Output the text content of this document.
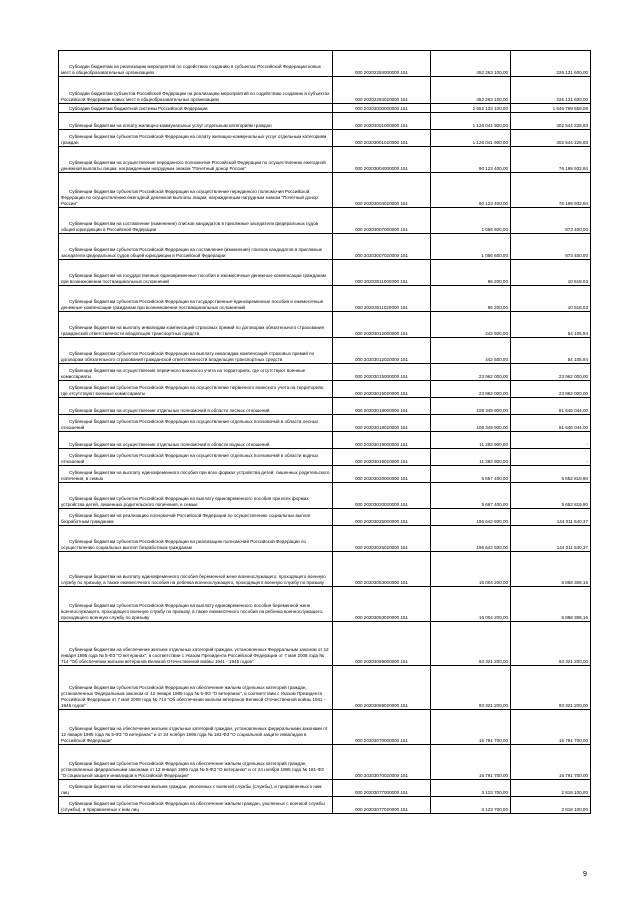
Субсидии бюджетам на реализацию мероприятий по содействию созданию в субъектах Российской Федерации новых мест в общеобразовательных организациях	000 20202284000000 151	452 263 100,00	226 131 600,00
Субсидии бюджетам субъектов Российской Федерации на реализацию мероприятий по содействию созданию в субъектах Российской Федерации новых мест в общеобразовательных организациях	000 20202284020000 151	452 263 100,00	226 131 600,00
Субсидии бюджетам бюджетной системы Российской Федерации	000 20203000000000 151	2 652 133 100,00	1 646 769 559,08
Субвенции бюджетам на оплату жилищно-коммунальных услуг отдельным категориям граждан	000 20203001000000 151	1 126 041 900,00	402 544 228,83
Субвенции бюджетам субъектов Российской Федерации на оплату жилищно-коммунальных услуг отдельным категориям граждан	000 20203001020000 151	1 126 041 900,00	402 544 228,83
Субвенции бюджетам на осуществление переданного полномочия Российской Федерации по осуществлению ежегодной денежной выплаты лицам, награжденным нагрудным знаком "Почетный донор России"	000 20203004000000 151	90 123 400,00	76 199 932,84
Субвенции бюджетам субъектов Российской Федерации на осуществление переданного полномочия Российской Федерации по осуществлению ежегодной денежной выплаты лицам, награжденным нагрудным знаком "Почетный донор России"	000 20203004020000 151	90 123 400,00	76 199 932,84
Субвенции бюджетам на составление (изменение) списков кандидатов в присяжные заседатели федеральных судов общей юрисдикции в Российской Федерации	000 20203007000000 151	1 056 600,00	873 400,00
Субвенции бюджетам субъектов Российской Федерации на составление (изменение) списков кандидатов в присяжные заседатели федеральных судов общей юрисдикции в Российской Федерации	000 20203007020000 151	1 056 600,00	873 400,00
Субвенции бюджетам на государственные единовременные пособия и ежемесячные денежные компенсации гражданам при возникновении поствакцинальных осложнений	000 20203011000000 151	96 200,00	10 518,03
Субвенции бюджетам субъектов Российской Федерации на государственные единовременные пособия и ежемесячные денежные компенсации гражданам при возникновении поствакцинальных осложнений	000 20203011020000 151	96 200,00	10 518,03
Субвенции бюджетам на выплату инвалидам компенсаций страховых премий по договорам обязательного страхования гражданской ответственности владельцев транспортных средств	000 20203012000000 151	442 500,00	54 105,94
Субвенции бюджетам субъектов Российской Федерации на выплату инвалидам компенсаций страховых премий по договорам обязательного страхования гражданской ответственности владельцев транспортных средств	000 20203012020000 151	442 500,00	54 105,94
Субвенции бюджетам на осуществление первичного воинского учета на территориях, где отсутствуют военные комиссариаты	000 20203015000000 151	23 962 000,00	23 962 000,00
Субвенции бюджетам субъектов Российской Федерации на осуществление первичного воинского учета на территориях, где отсутствуют военные комиссариаты	000 20203015020000 151	23 962 000,00	23 962 000,00
Субвенции бюджетам на осуществление отдельных полномочий в области лесных отношений	000 20203018000000 151	108 349 900,00	81 646 044,00
Субвенции бюджетам субъектов Российской Федерации на осуществление отдельных полномочий в области лесных отношений	000 20203018020000 151	108 349 900,00	81 646 044,00
Субвенции бюджетам на осуществление отдельных полномочий в области водных отношений	000 20203019000000 151	11 292 900,00	-
Субвенции бюджетам субъектов Российской Федерации на осуществление отдельных полномочий в области водных отношений	000 20203019020000 151	11 292 900,00	-
Субвенции бюджетам на выплату единовременного пособия при всех формах устройства детей, лишенных родительского попечения, в семью	000 20203020000000 151	5 667 400,00	5 652 819,90
Субвенции бюджетам субъектов Российской Федерации на выплату единовременного пособия при всех формах устройства детей, лишенных родительского попечения, в семью	000 20203020020000 151	5 667 400,00	5 652 819,90
Субвенции бюджетам на реализацию полномочий Российской Федерации по осуществлению социальных выплат безработным гражданам	000 20203025000000 151	196 642 600,00	144 011 540,37
Субвенции бюджетам субъектов Российской Федерации на реализацию полномочий Российской Федерации по осуществлению социальных выплат безработным гражданам	000 20203025020000 151	196 642 600,00	144 011 540,37
Субвенции бюджетам на выплату единовременного пособия беременной жене военнослужащего, проходящего военную службу по призыву, а также ежемесячного пособия на ребенка военнослужащего, проходящего военную службу по призыву	000 20203053000000 151	15 004 200,00	6 858 308,16
Субвенции бюджетам субъектов Российской Федерации на выплату единовременного пособия беременной жене военнослужащего, проходящего военную службу по призыву, а также ежемесячного пособия на ребенка военнослужащего, проходящего военную службу по призыву	000 20203053020000 151	15 004 200,00	6 858 308,16
Субвенции бюджетам на обеспечение жильем отдельных категорий граждан, установленных Федеральным законом от 12 января 1995 года № 5-ФЗ "О ветеранах", в соответствии с Указом Президента Российской Федерации от 7 мая 2008 года № 714 "Об обеспечении жильем ветеранов Великой Отечественной войны 1941 - 1945 годов"	000 20203069000000 151	93 321 200,00	93 321 200,00
Субвенции бюджетам субъектов Российской Федерации на обеспечение жильем отдельных категорий граждан, установленных Федеральным законом от 12 января 1995 года № 5-ФЗ "О ветеранах", в соответствии с Указом Президента Российской Федерации от 7 мая 2008 года № 714 "Об обеспечении жильем ветеранов Великой Отечественной войны 1941 - 1945 годов"	000 20203069020000 151	93 321 200,00	93 321 200,00
Субвенции бюджетам на обеспечение жильем отдельных категорий граждан, установленных федеральными законами от 12 января 1995 года № 5-ФЗ "О ветеранах" и от 24 ноября 1995 года № 181-ФЗ "О социальной защите инвалидов в Российской Федерации"	000 20203070000000 151	15 791 700,00	15 791 700,00
Субвенции бюджетам субъектов Российской Федерации на обеспечение жильем отдельных категорий граждан, установленных федеральными законами от 12 января 1995 года № 5-ФЗ "О ветеранах" и от 24 ноября 1995 года № 181-ФЗ "О социальной защите инвалидов в Российской Федерации"	000 20203070020000 151	15 791 700,00	15 791 700,00
Субвенции бюджетам на обеспечение жильем граждан, уволенных с военной службы (службы), и приравненных к ним лиц	000 20203077000000 151	3 123 700,00	2 818 100,00
Субвенции бюджетам субъектов Российской Федерации на обеспечение жильем граждан, уволенных с военной службы (службы), и приравненных к ним лиц	000 20203077020000 151	3 123 700,00	2 818 100,00
9
